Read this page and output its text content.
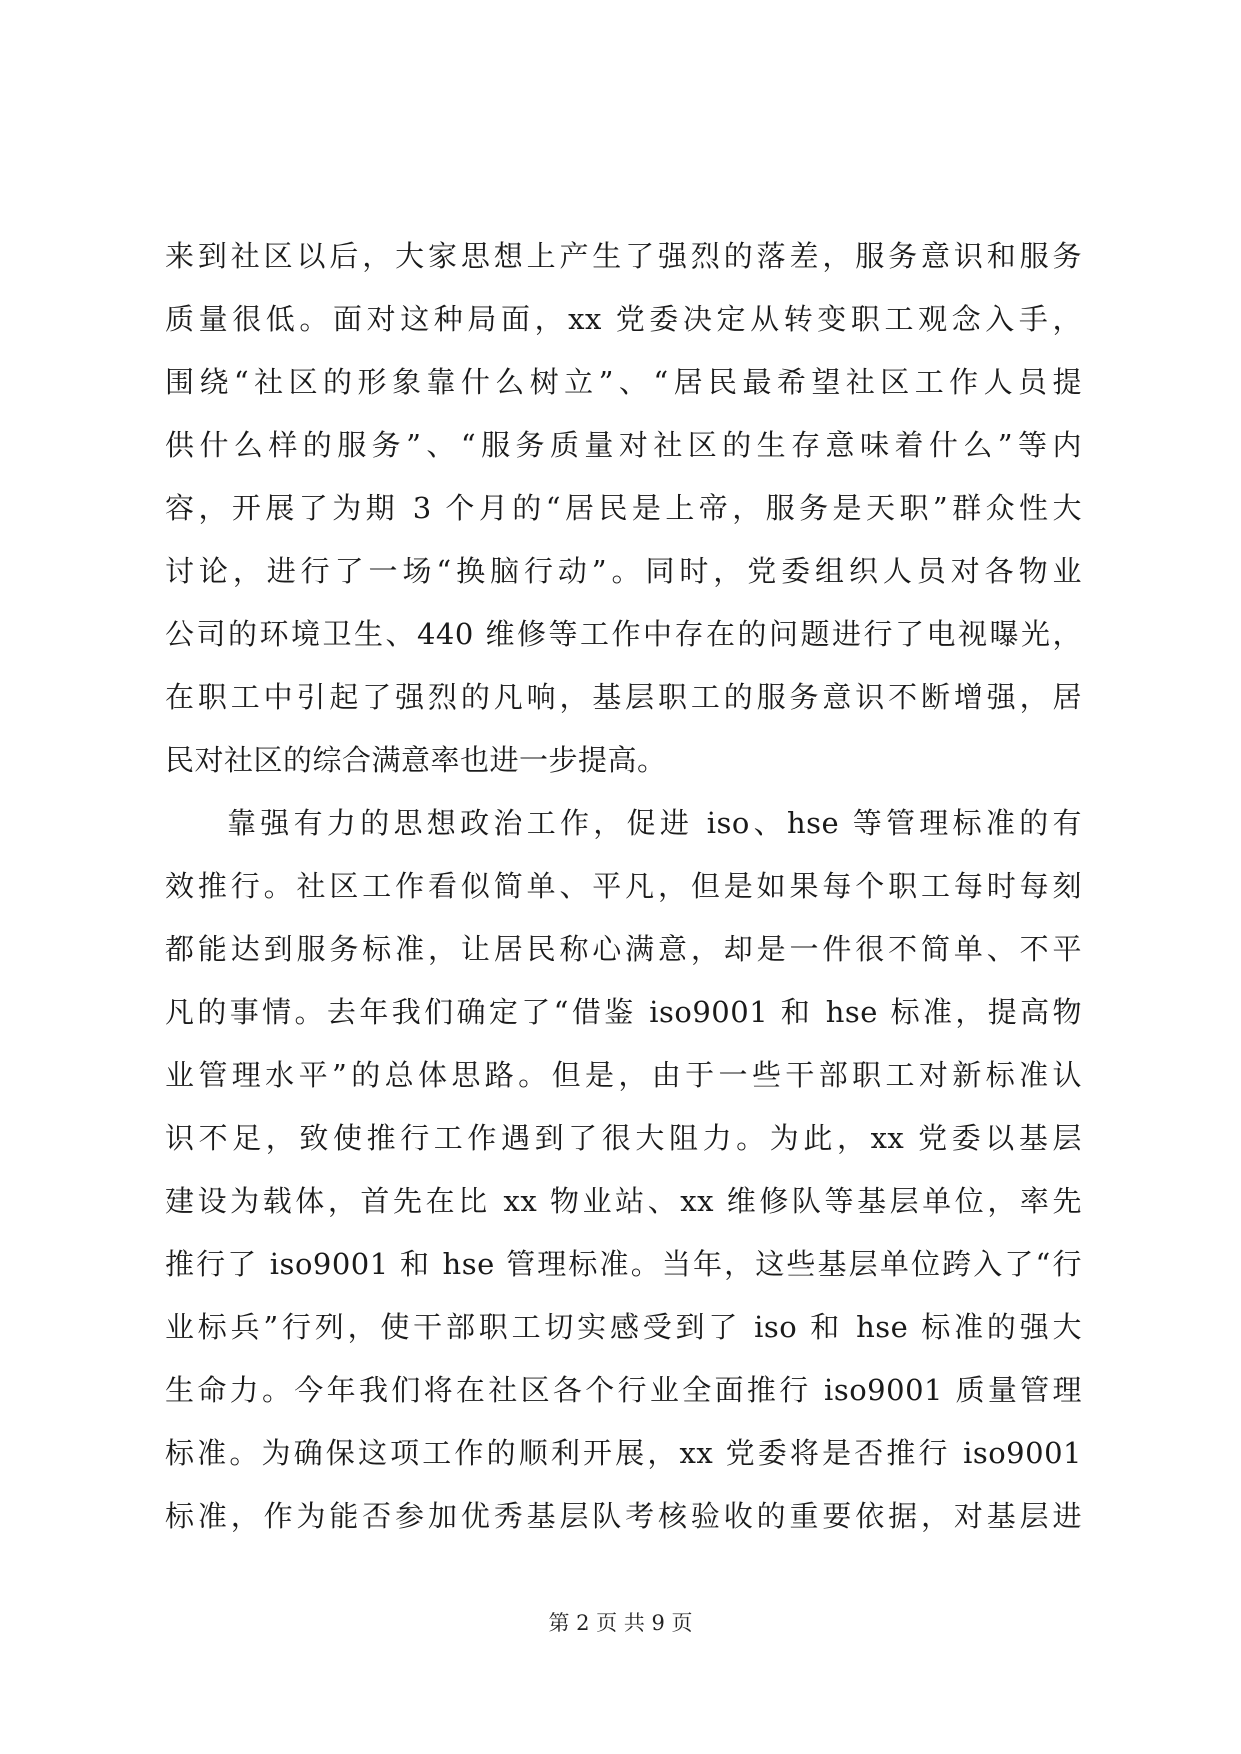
来到社区以后，大家思想上产生了强烈的落差，服务意识和服务
质量很低。面对这种局面，xx 党委决定从转变职工观念入手，
围绕“社区的形象靠什么树立”、“居民最希望社区工作人员提
供什么样的服务”、“服务质量对社区的生存意味着什么”等内
容，开展了为期 3 个月的“居民是上帝，服务是天职”群众性大
讨论，进行了一场“换脑行动”。同时，党委组织人员对各物业
公司的环境卫生、440 维修等工作中存在的问题进行了电视曝光，
在职工中引起了强烈的凡响，基层职工的服务意识不断增强，居
民对社区的综合满意率也进一步提高。
靠强有力的思想政治工作，促进 iso、hse 等管理标准的有
效推行。社区工作看似简单、平凡，但是如果每个职工每时每刻
都能达到服务标准，让居民称心满意，却是一件很不简单、不平
凡的事情。去年我们确定了“借鉴 iso9001 和 hse 标准，提高物
业管理水平”的总体思路。但是，由于一些干部职工对新标准认
识不足，致使推行工作遇到了很大阻力。为此，xx 党委以基层
建设为载体，首先在比 xx 物业站、xx 维修队等基层单位，率先
推行了 iso9001 和 hse 管理标准。当年，这些基层单位跨入了“行
业标兵”行列，使干部职工切实感受到了 iso 和 hse 标准的强大
生命力。今年我们将在社区各个行业全面推行 iso9001 质量管理
标准。为确保这项工作的顺利开展，xx 党委将是否推行 iso9001
标准，作为能否参加优秀基层队考核验收的重要依据，对基层进
第 2 页 共 9 页
